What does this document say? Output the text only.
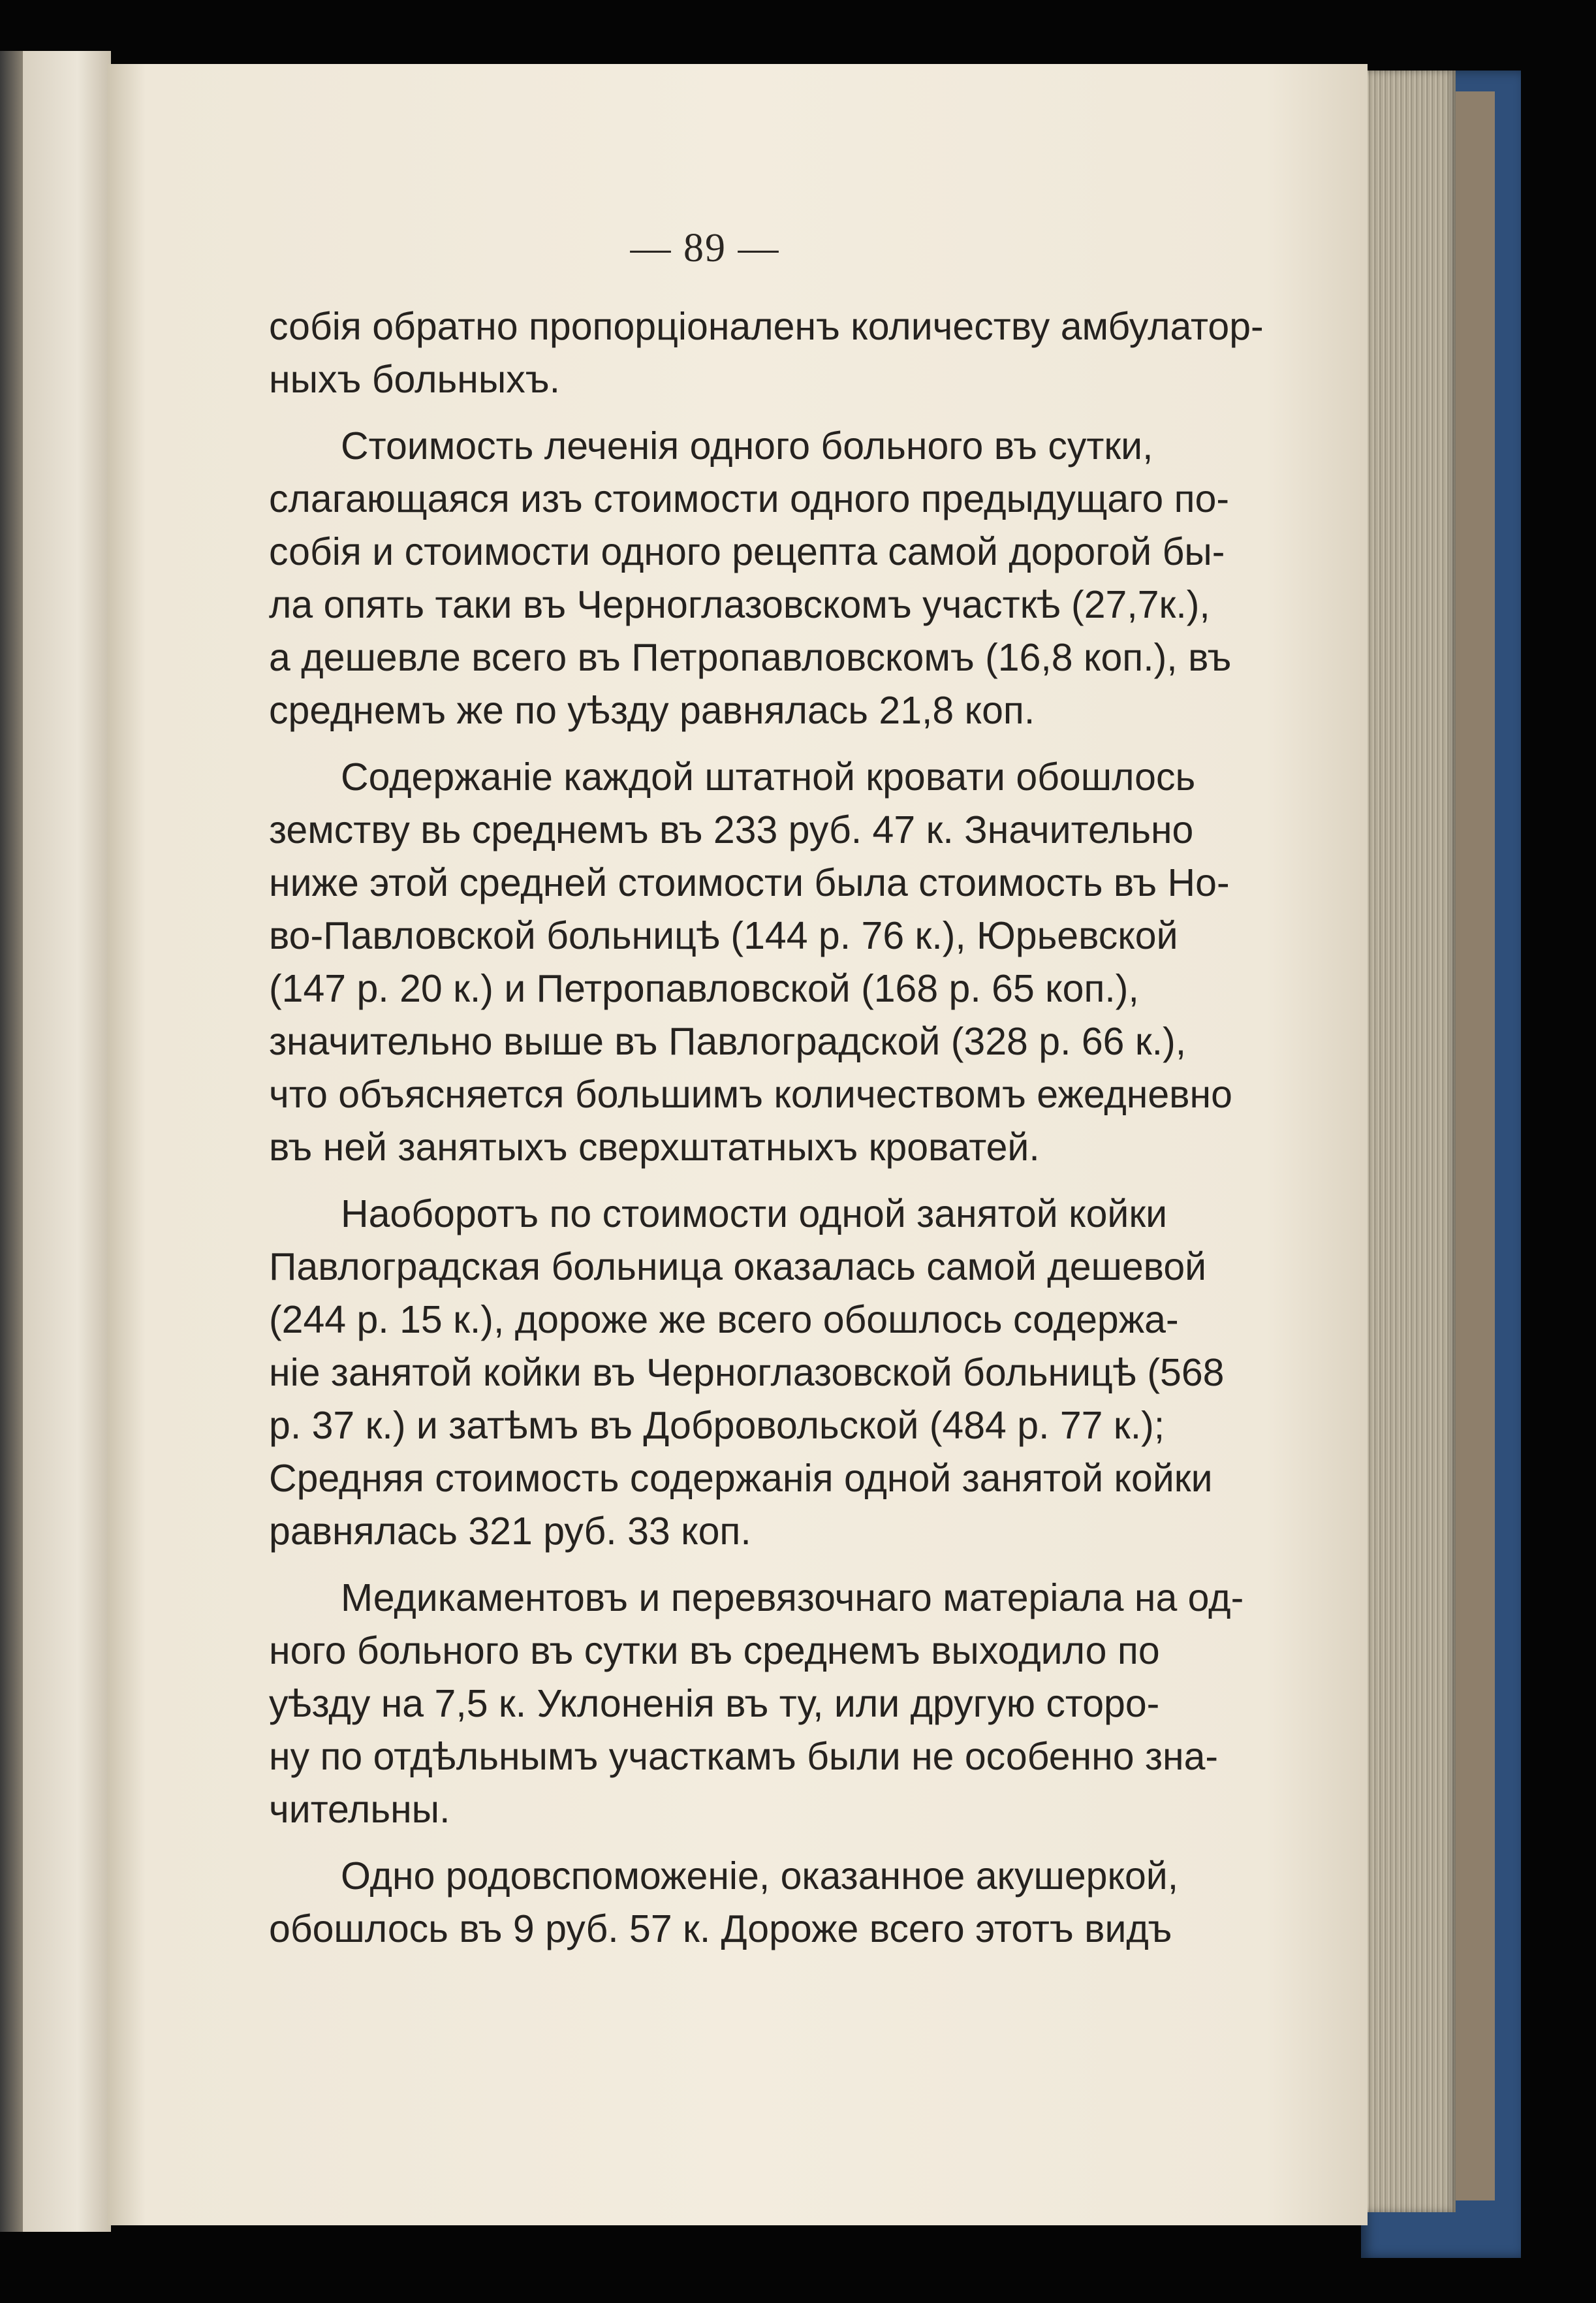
— 89 —
собія обратно пропорціоналенъ количеству амбулатор-
ныхъ больныхъ.
Стоимость леченія одного больного въ сутки,
слагающаяся изъ стоимости одного предыдущаго по-
собія и стоимости одного рецепта самой дорогой бы-
ла опять таки въ Черноглазовскомъ участкѣ (27,7к.),
а дешевле всего въ Петропавловскомъ (16,8 коп.), въ
среднемъ же по уѣзду равнялась 21,8 коп.
Содержаніе каждой штатной кровати обошлось
земству вь среднемъ въ 233 руб. 47 к. Значительно
ниже этой средней стоимости была стоимость въ Но-
во-Павловской больницѣ (144 р. 76 к.), Юрьевской
(147 р. 20 к.) и Петропавловской (168 р. 65 коп.),
значительно выше въ Павлоградской (328 р. 66 к.),
что объясняется большимъ количествомъ ежедневно
въ ней занятыхъ сверхштатныхъ кроватей.
Наоборотъ по стоимости одной занятой койки
Павлоградская больница оказалась самой дешевой
(244 р. 15 к.), дороже же всего обошлось содержа-
ніе занятой койки въ Черноглазовской больницѣ (568
р. 37 к.) и затѣмъ въ Добровольской (484 р. 77 к.);
Средняя стоимость содержанія одной занятой койки
равнялась 321 руб. 33 коп.
Медикаментовъ и перевязочнаго матеріала на од-
ного больного въ сутки въ среднемъ выходило по
уѣзду на 7,5 к. Уклоненія въ ту, или другую сторо-
ну по отдѣльнымъ участкамъ были не особенно зна-
чительны.
Одно родовспоможеніе, оказанное акушеркой,
обошлось въ 9 руб. 57 к. Дороже всего этотъ видъ
